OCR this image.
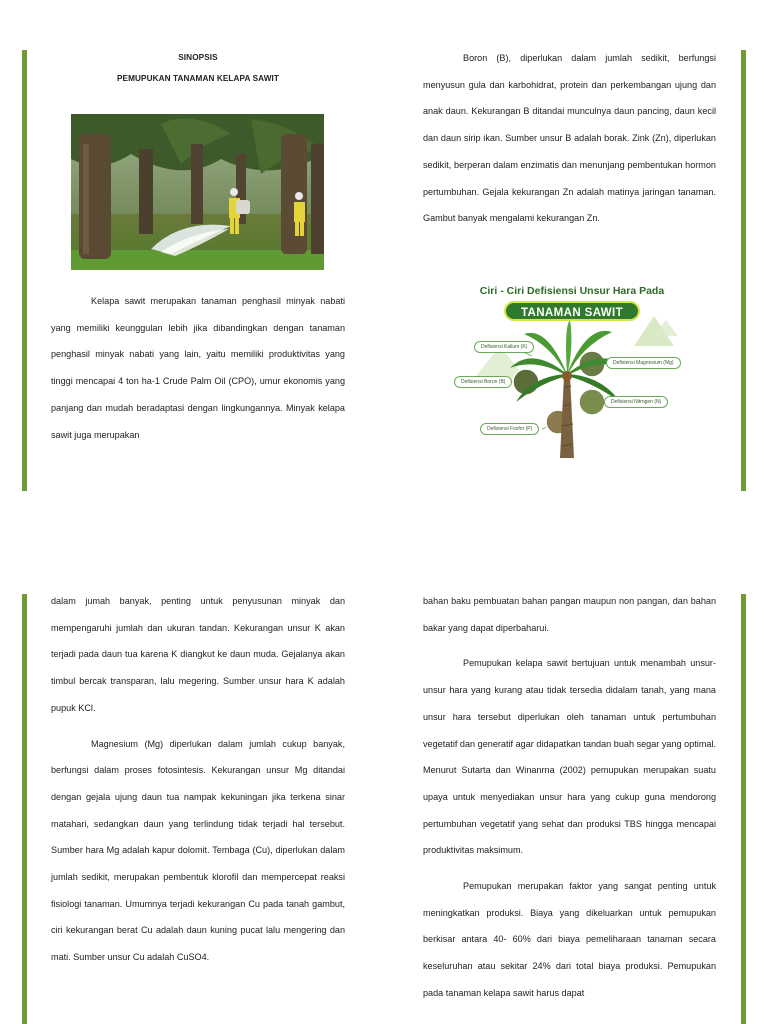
SINOPSIS
PEMUPUKAN TANAMAN KELAPA SAWIT

Kelapa sawit merupakan tanaman penghasil minyak nabati yang memiliki keunggulan lebih jika dibandingkan dengan tanaman penghasil minyak nabati yang lain, yaitu memiliki produktivitas yang tinggi mencapai 4 ton ha-1 Crude Palm Oil (CPO), umur ekonomis yang panjang dan mudah beradaptasi dengan lingkungannya. Minyak kelapa sawit juga merupakan

Boron (B), diperlukan dalam jumlah sedikit, berfungsi menyusun gula dan karbohidrat, protein dan perkembangan ujung dan anak daun. Kekurangan B ditandai munculnya daun pancing, daun kecil dan daun sirip ikan. Sumber unsur B adalah borak. Zink (Zn), diperlukan sedikit, berperan dalam enzimatis dan menunjang pembentukan hormon pertumbuhan. Gejala kekurangan Zn adalah matinya jaringan tanaman. Gambut banyak mengalami kekurangan Zn.

Ciri - Ciri Defisiensi Unsur Hara Pada
TANAMAN SAWIT
Defisiensi Kalium (K)
Defisiensi Boron (B)
Defisiensi Fosfor (P)
Defisiensi Magnesium (Mg)
Defisiensi Nitrogen (N)

dalam jumah banyak, penting untuk penyusunan minyak dan mempengaruhi jumlah dan ukuran tandan. Kekurangan unsur K akan terjadi pada daun tua karena K diangkut ke daun muda. Gejalanya akan timbul bercak transparan, lalu megering. Sumber unsur hara K adalah pupuk KCl.

Magnesium (Mg) diperlukan dalam jumlah cukup banyak, berfungsi dalam proses fotosintesis. Kekurangan unsur Mg ditandai dengan gejala ujung daun tua nampak kekuningan jika terkena sinar matahari, sedangkan daun yang terlindung tidak terjadi hal tersebut. Sumber hara Mg adalah kapur dolomit. Tembaga (Cu), diperlukan dalam jumlah sedikit, merupakan pembentuk klorofil dan mempercepat reaksi fisiologi tanaman. Umumnya terjadi kekurangan Cu pada tanah gambut, ciri kekurangan berat Cu adalah daun kuning pucat lalu mengering dan mati. Sumber unsur Cu adalah CuSO4.

bahan baku pembuatan bahan pangan maupun non pangan, dan bahan bakar yang dapat diperbaharui.

Pemupukan kelapa sawit bertujuan untuk menambah unsur-unsur hara yang kurang atau tidak tersedia didalam tanah, yang mana unsur hara tersebut diperlukan oleh tanaman untuk pertumbuhan vegetatif dan generatif agar didapatkan tandan buah segar yang optimal. Menurut Sutarta dan Winanrna (2002) pemupukan merupakan suatu upaya untuk menyediakan unsur hara yang cukup guna mendorong pertumbuhan vegetatif yang sehat dan produksi TBS hingga mencapai produktivitas maksimum.

Pemupukan merupakan faktor yang sangat penting untuk meningkatkan produksi. Biaya yang dikeluarkan untuk pemupukan berkisar antara 40- 60% dari biaya pemeliharaan tanaman secara keseluruhan atau sekitar 24% dari total biaya produksi. Pemupukan pada tanaman kelapa sawit harus dapat
